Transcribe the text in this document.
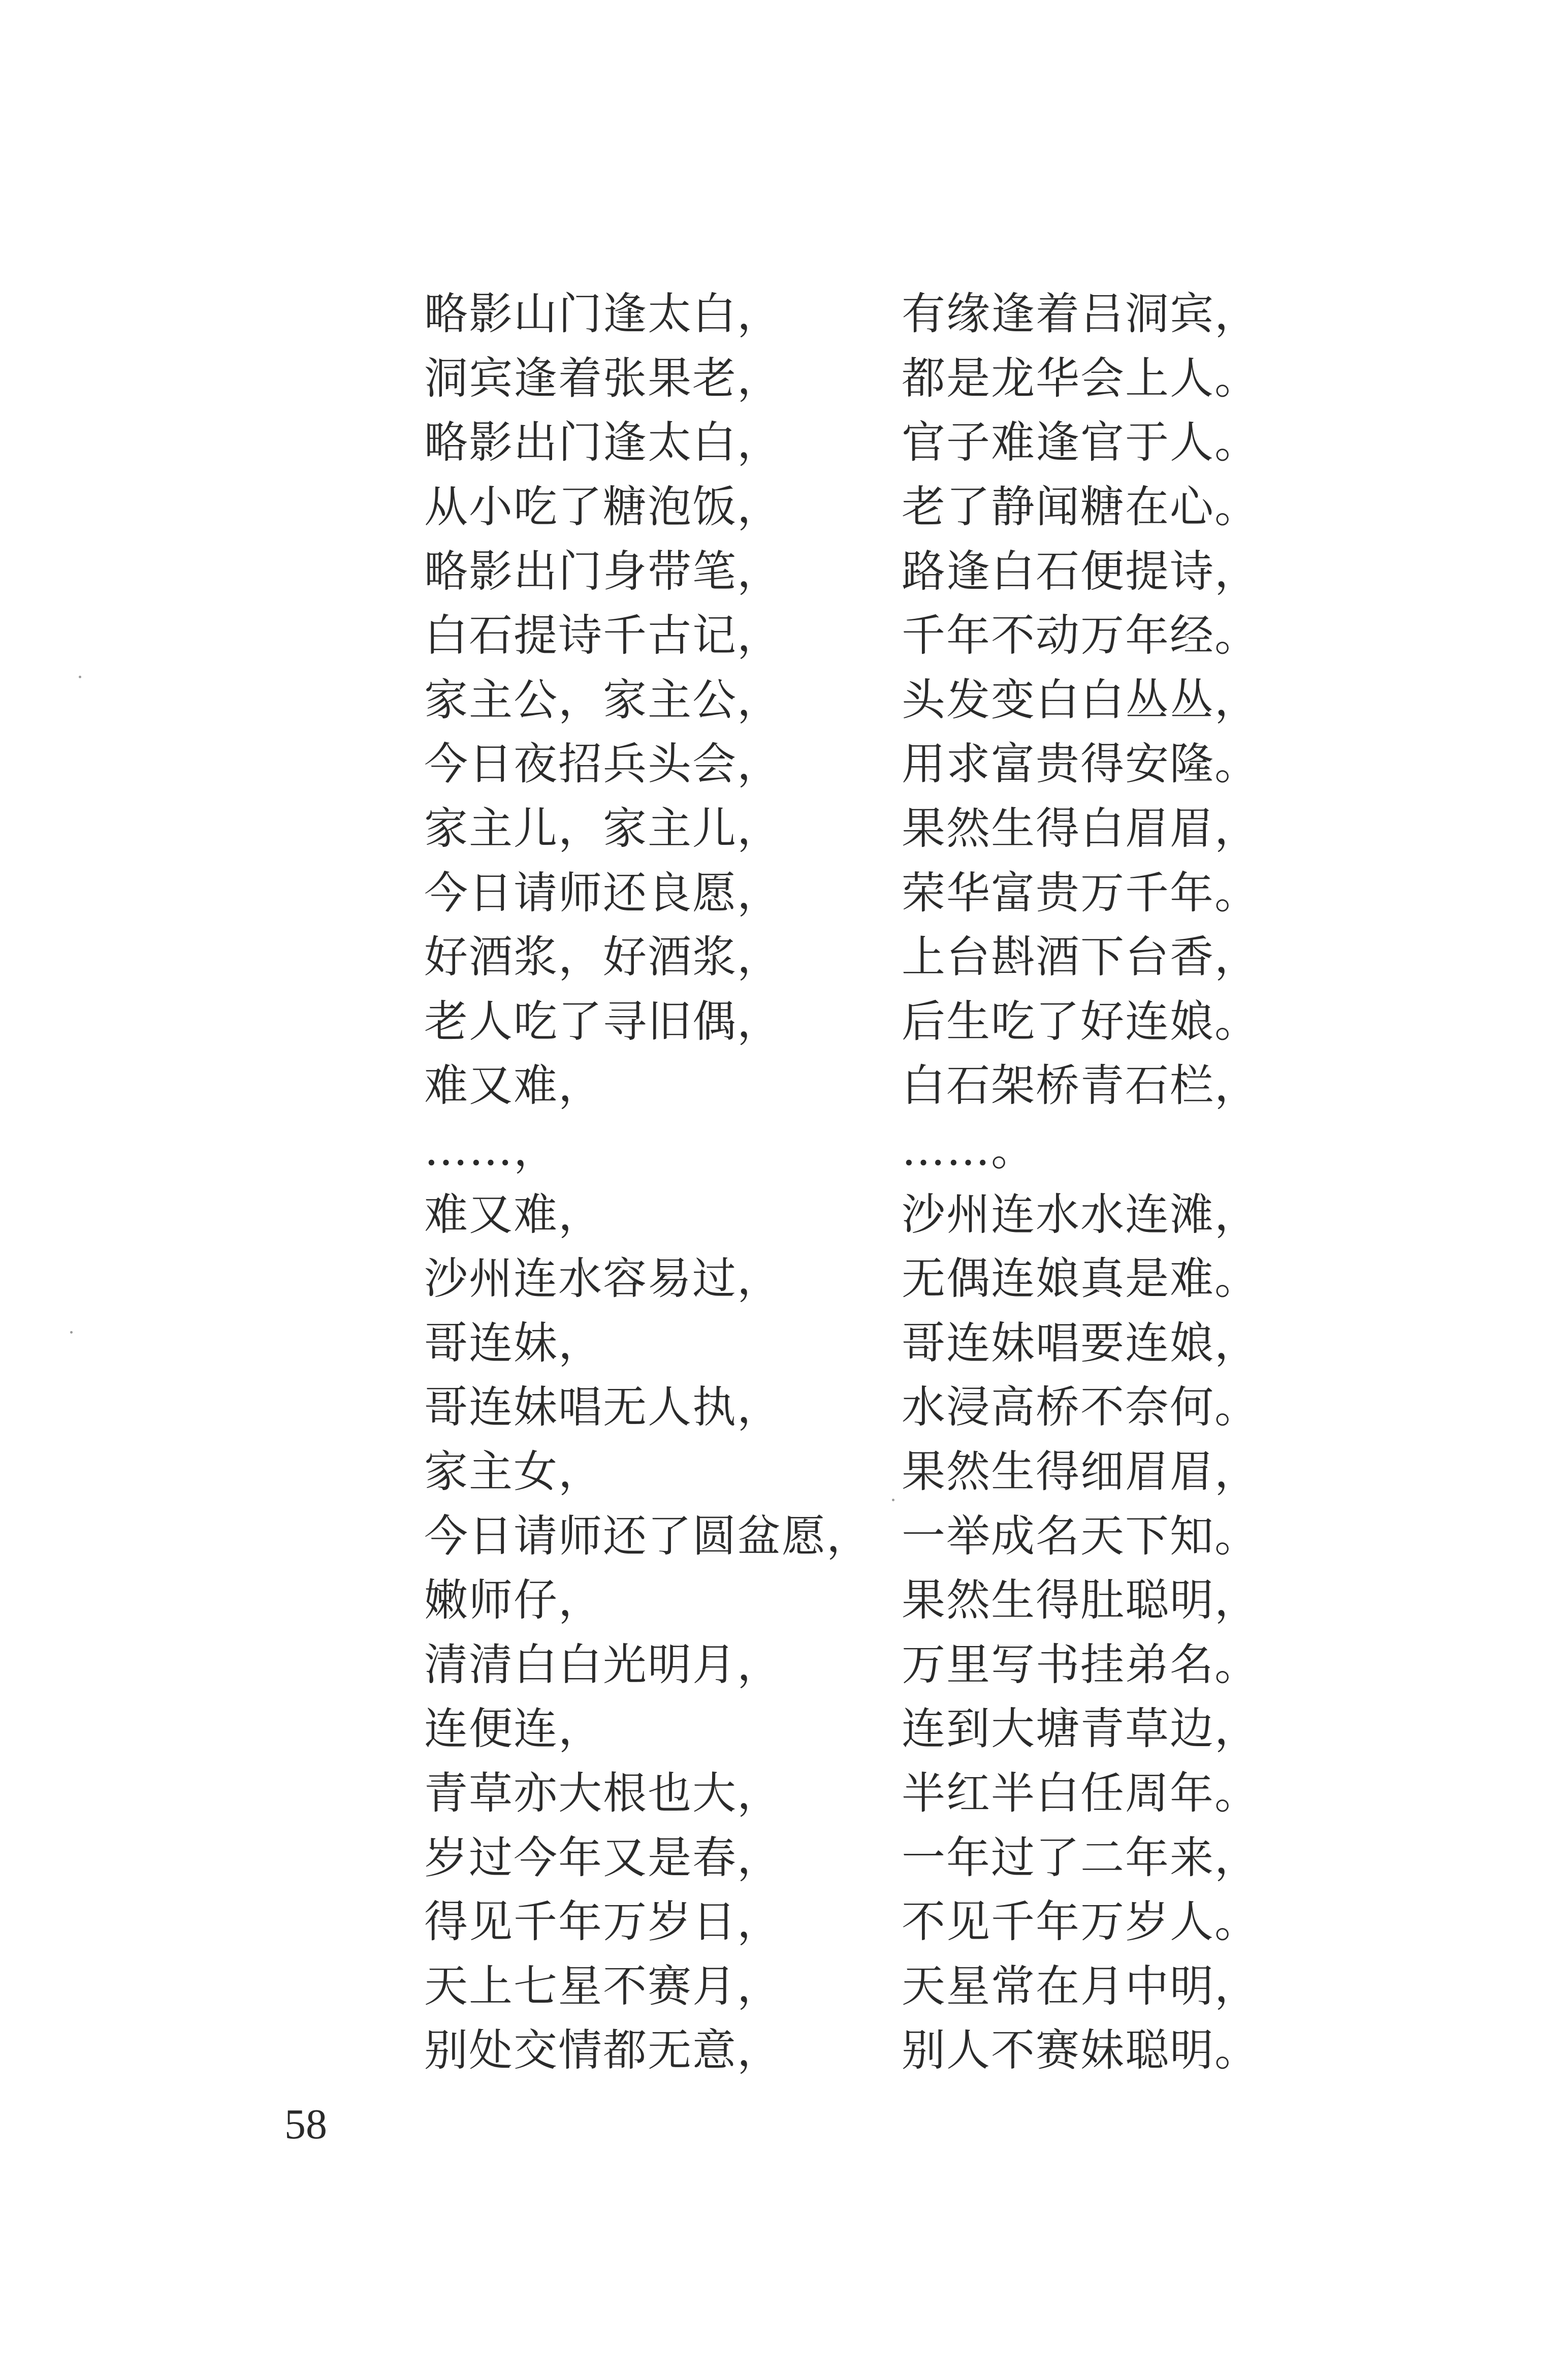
略影山门逢太白，	有缘逢着吕洞宾，
洞宾逢着张果老，	都是龙华会上人。
略影出门逢太白，	官子难逢官于人。
从小吃了糖泡饭，	老了静闻糖在心。
略影出门身带笔，	路逢白石便提诗，
白石提诗千古记，	千年不动万年经。
家主公，家主公，	头发变白白丛丛，
今日夜招兵头会，	用求富贵得安隆。
家主儿，家主儿，	果然生得白眉眉，
今日请师还良愿，	荣华富贵万千年。
好酒浆，好酒浆，	上台斟酒下台香，
老人吃了寻旧偶，	后生吃了好连娘。
难又难，	白石架桥青石栏，
……，	……。
难又难，	沙州连水水连滩，
沙州连水容易过，	无偶连娘真是难。
哥连妹，	哥连妹唱要连娘，
哥连妹唱无人执，	水浸高桥不奈何。
家主女，	果然生得细眉眉，
今日请师还了圆盆愿， 一举成名天下知。
嫩师仔，	果然生得肚聪明，
清清白白光明月，	万里写书挂弟名。
连便连，	连到大塘青草边，
青草亦大根也大，	半红半白任周年。
岁过今年又是春，	一年过了二年来，
得见千年万岁日，	不见千年万岁人。
天上七星不赛月，	天星常在月中明，
别处交情都无意，	别人不赛妹聪明。
58
